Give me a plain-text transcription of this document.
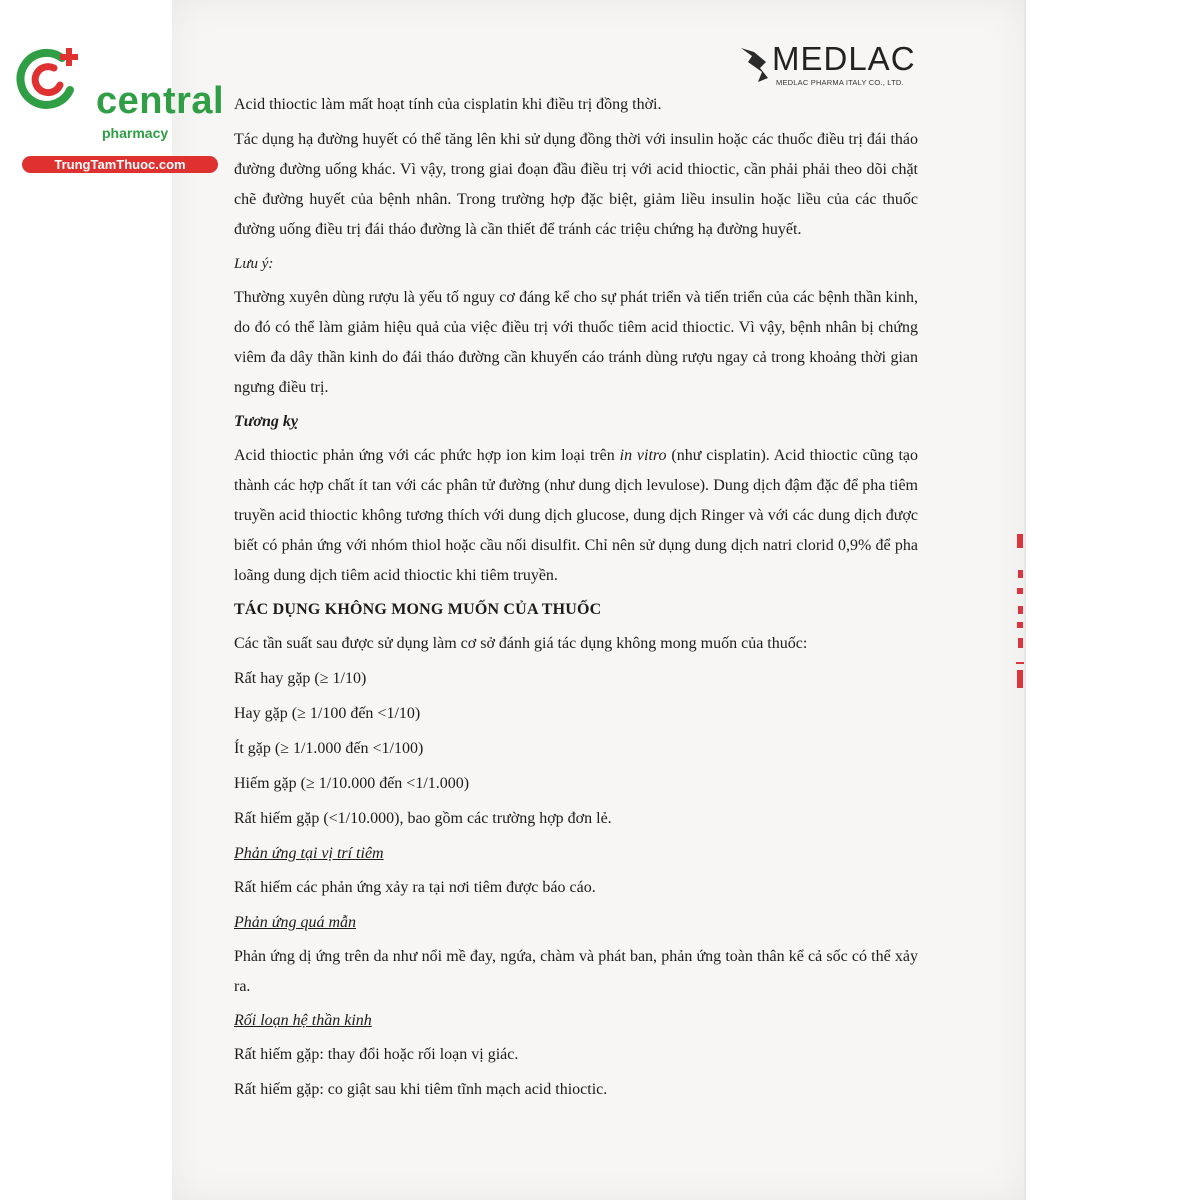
central
pharmacy
TrungTamThuoc.com
MEDLAC
MEDLAC PHARMA ITALY CO., LTD.

Acid thioctic làm mất hoạt tính của cisplatin khi điều trị đồng thời.

Tác dụng hạ đường huyết có thể tăng lên khi sử dụng đồng thời với insulin hoặc các thuốc điều trị đái tháo đường đường uống khác. Vì vậy, trong giai đoạn đầu điều trị với acid thioctic, cần phải phải theo dõi chặt chẽ đường huyết của bệnh nhân. Trong trường hợp đặc biệt, giảm liều insulin hoặc liều của các thuốc đường uống điều trị đái tháo đường là cần thiết để tránh các triệu chứng hạ đường huyết.

Lưu ý:

Thường xuyên dùng rượu là yếu tố nguy cơ đáng kể cho sự phát triển và tiến triển của các bệnh thần kinh, do đó có thể làm giảm hiệu quả của việc điều trị với thuốc tiêm acid thioctic. Vì vậy, bệnh nhân bị chứng viêm đa dây thần kinh do đái tháo đường cần khuyến cáo tránh dùng rượu ngay cả trong khoảng thời gian ngưng điều trị.

Tương kỵ

Acid thioctic phản ứng với các phức hợp ion kim loại trên in vitro (như cisplatin). Acid thioctic cũng tạo thành các hợp chất ít tan với các phân tử đường (như dung dịch levulose). Dung dịch đậm đặc để pha tiêm truyền acid thioctic không tương thích với dung dịch glucose, dung dịch Ringer và với các dung dịch được biết có phản ứng với nhóm thiol hoặc cầu nối disulfit. Chỉ nên sử dụng dung dịch natri clorid 0,9% để pha loãng dung dịch tiêm acid thioctic khi tiêm truyền.

TÁC DỤNG KHÔNG MONG MUỐN CỦA THUỐC

Các tần suất sau được sử dụng làm cơ sở đánh giá tác dụng không mong muốn của thuốc:

Rất hay gặp (≥ 1/10)

Hay gặp (≥ 1/100 đến <1/10)

Ít gặp (≥ 1/1.000 đến <1/100)

Hiếm gặp (≥ 1/10.000 đến <1/1.000)

Rất hiếm gặp (<1/10.000), bao gồm các trường hợp đơn lẻ.

Phản ứng tại vị trí tiêm

Rất hiếm các phản ứng xảy ra tại nơi tiêm được báo cáo.

Phản ứng quá mẫn

Phản ứng dị ứng trên da như nổi mề đay, ngứa, chàm và phát ban, phản ứng toàn thân kể cả sốc có thể xảy ra.

Rối loạn hệ thần kinh

Rất hiếm gặp: thay đổi hoặc rối loạn vị giác.

Rất hiếm gặp: co giật sau khi tiêm tĩnh mạch acid thioctic.
